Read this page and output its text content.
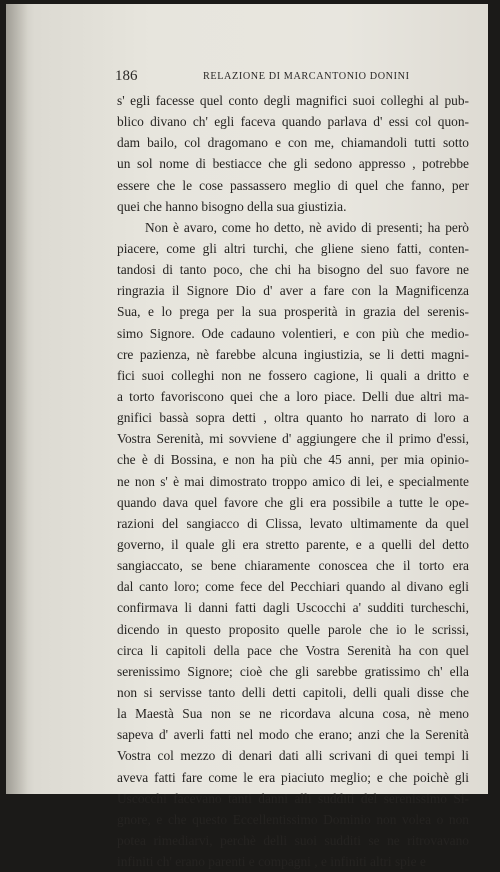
186	RELAZIONE DI MARCANTONIO DONINI
s' egli facesse quel conto degli magnifici suoi colleghi al pub-
blico divano ch' egli faceva quando parlava d' essi col quon-
dam bailo, col dragomano e con me, chiamandoli tutti sotto
un sol nome di bestiacce che gli sedono appresso , potrebbe
essere che le cose passassero meglio di quel che fanno, per
quei che hanno bisogno della sua giustizia.
Non è avaro, come ho detto, nè avido di presenti; ha però
piacere, come gli altri turchi, che gliene sieno fatti, conten-
tandosi di tanto poco, che chi ha bisogno del suo favore ne
ringrazia il Signore Dio d' aver a fare con la Magnificenza
Sua, e lo prega per la sua prosperità in grazia del serenis-
simo Signore. Ode cadauno volentieri, e con più che medio-
cre pazienza, nè farebbe alcuna ingiustizia, se li detti magni-
fici suoi colleghi non ne fossero cagione, li quali a dritto e
a torto favoriscono quei che a loro piace. Delli due altri ma-
gnifici bassà sopra detti , oltra quanto ho narrato di loro a
Vostra Serenità, mi sovviene d' aggiungere che il primo d'essi,
che è di Bossina, e non ha più che 45 anni, per mia opinio-
ne non s' è mai dimostrato troppo amico di lei, e specialmente
quando dava quel favore che gli era possibile a tutte le ope-
razioni del sangiacco di Clissa, levato ultimamente da quel
governo, il quale gli era stretto parente, e a quelli del detto
sangiaccato, se bene chiaramente conoscea che il torto era
dal canto loro; come fece del Pecchiari quando al divano egli
confirmava li danni fatti dagli Uscocchi a' sudditi turcheschi,
dicendo in questo proposito quelle parole che io le scrissi,
circa li capitoli della pace che Vostra Serenità ha con quel
serenissimo Signore; cioè che gli sarebbe gratissimo ch' ella
non si servisse tanto delli detti capitoli, delli quali disse che
la Maestà Sua non se ne ricordava alcuna cosa, nè meno
sapeva d' averli fatti nel modo che erano; anzi che la Serenità
Vostra col mezzo di denari dati alli scrivani di quei tempi li
aveva fatti fare come le era piaciuto meglio; e che poichè gli
Uscocchi facevano tanti danni alli sudditi del serenissimo Si-
gnore, e che questo Eccellentissimo Dominio non volea o non
potea rimediarvi, perchè delli suoi sudditi se ne ritrovavano
infiniti ch' erano parenti e compagni , e infiniti altri spie e
